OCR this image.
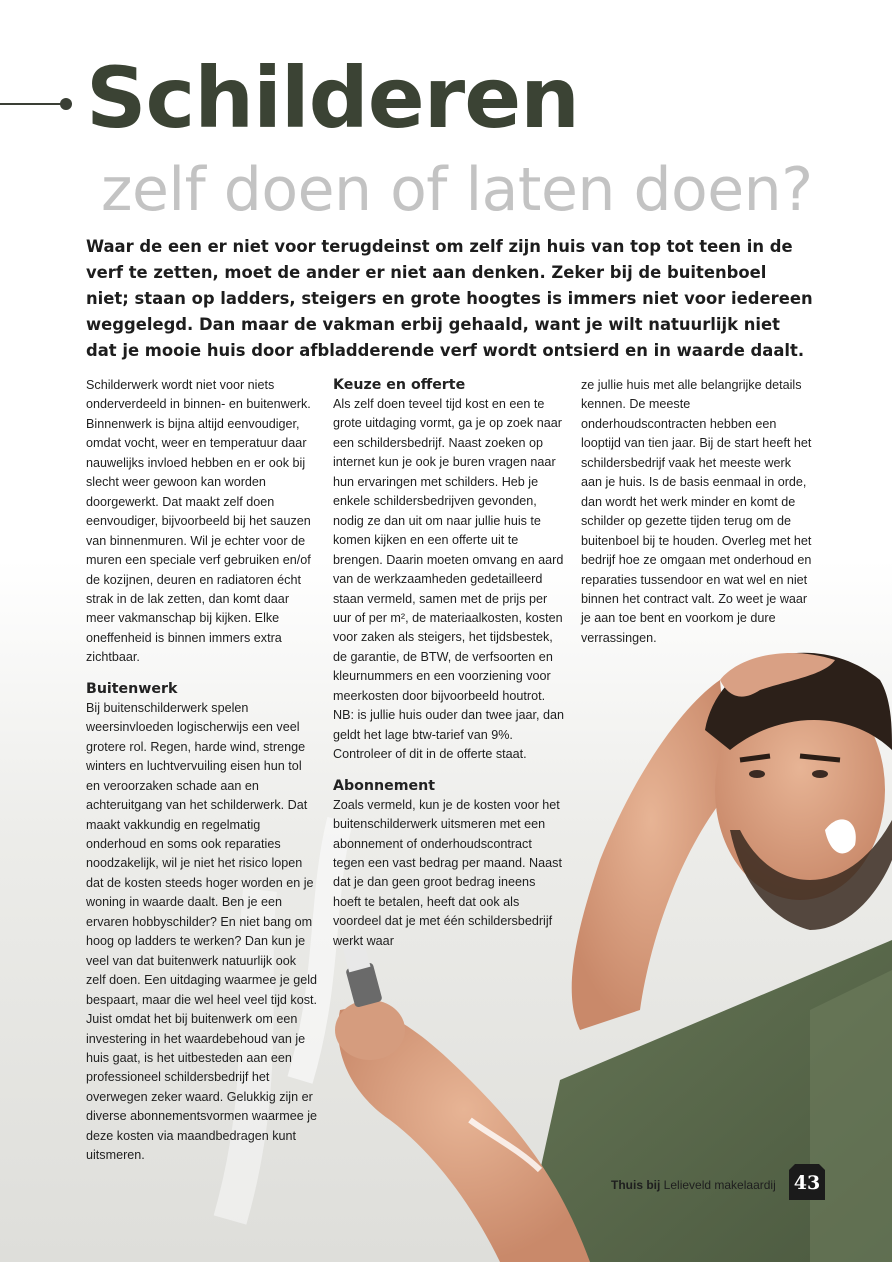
Schilderen
zelf doen of laten doen?

Waar de een er niet voor terugdeinst om zelf zijn huis van top tot teen in de verf te zetten, moet de ander er niet aan denken. Zeker bij de buitenboel niet; staan op ladders, steigers en grote hoogtes is immers niet voor iedereen weggelegd. Dan maar de vakman erbij gehaald, want je wilt natuurlijk niet dat je mooie huis door afbladderende verf wordt ontsierd en in waarde daalt.

Schilderwerk wordt niet voor niets onderverdeeld in binnen- en buitenwerk. Binnenwerk is bijna altijd eenvoudiger, omdat vocht, weer en temperatuur daar nauwelijks invloed hebben en er ook bij slecht weer gewoon kan worden doorgewerkt. Dat maakt zelf doen eenvoudiger, bijvoorbeeld bij het sauzen van binnenmuren. Wil je echter voor de muren een speciale verf gebruiken en/of de kozijnen, deuren en radiatoren écht strak in de lak zetten, dan komt daar meer vakmanschap bij kijken. Elke oneffenheid is binnen immers extra zichtbaar.

Buitenwerk

Bij buitenschilderwerk spelen weersinvloeden logischerwijs een veel grotere rol. Regen, harde wind, strenge winters en luchtvervuiling eisen hun tol en veroorzaken schade aan en achteruitgang van het schilderwerk. Dat maakt vakkundig en regelmatig onderhoud en soms ook reparaties noodzakelijk, wil je niet het risico lopen dat de kosten steeds hoger worden en je woning in waarde daalt. Ben je een ervaren hobbyschilder? En niet bang om hoog op ladders te werken? Dan kun je veel van dat buitenwerk natuurlijk ook zelf doen. Een uitdaging waarmee je geld bespaart, maar die wel heel veel tijd kost. Juist omdat het bij buitenwerk om een investering in het waardebehoud van je huis gaat, is het uitbesteden aan een professioneel schildersbedrijf het overwegen zeker waard. Gelukkig zijn er diverse abonnementsvormen waarmee je deze kosten via maandbedragen kunt uitsmeren.

Keuze en offerte

Als zelf doen teveel tijd kost en een te grote uitdaging vormt, ga je op zoek naar een schildersbedrijf. Naast zoeken op internet kun je ook je buren vragen naar hun ervaringen met schilders. Heb je enkele schildersbedrijven gevonden, nodig ze dan uit om naar jullie huis te komen kijken en een offerte uit te brengen. Daarin moeten omvang en aard van de werkzaamheden gedetailleerd staan vermeld, samen met de prijs per uur of per m², de materiaalkosten, kosten voor zaken als steigers, het tijdsbestek, de garantie, de BTW, de verfsoorten en kleurnummers en een voorziening voor meerkosten door bijvoorbeeld houtrot. NB: is jullie huis ouder dan twee jaar, dan geldt het lage btw-tarief van 9%. Controleer of dit in de offerte staat.

Abonnement

Zoals vermeld, kun je de kosten voor het buitenschilderwerk uitsmeren met een abonnement of onderhoudscontract tegen een vast bedrag per maand. Naast dat je dan geen groot bedrag ineens hoeft te betalen, heeft dat ook als voordeel dat je met één schildersbedrijf werkt waar

ze jullie huis met alle belangrijke details kennen. De meeste onderhoudscontracten hebben een looptijd van tien jaar. Bij de start heeft het schildersbedrijf vaak het meeste werk aan je huis. Is de basis eenmaal in orde, dan wordt het werk minder en komt de schilder op gezette tijden terug om de buitenboel bij te houden. Overleg met het bedrijf hoe ze omgaan met onderhoud en reparaties tussendoor en wat wel en niet binnen het contract valt. Zo weet je waar je aan toe bent en voorkom je dure verrassingen.

Thuis bij Lelieveld makelaardij 43
